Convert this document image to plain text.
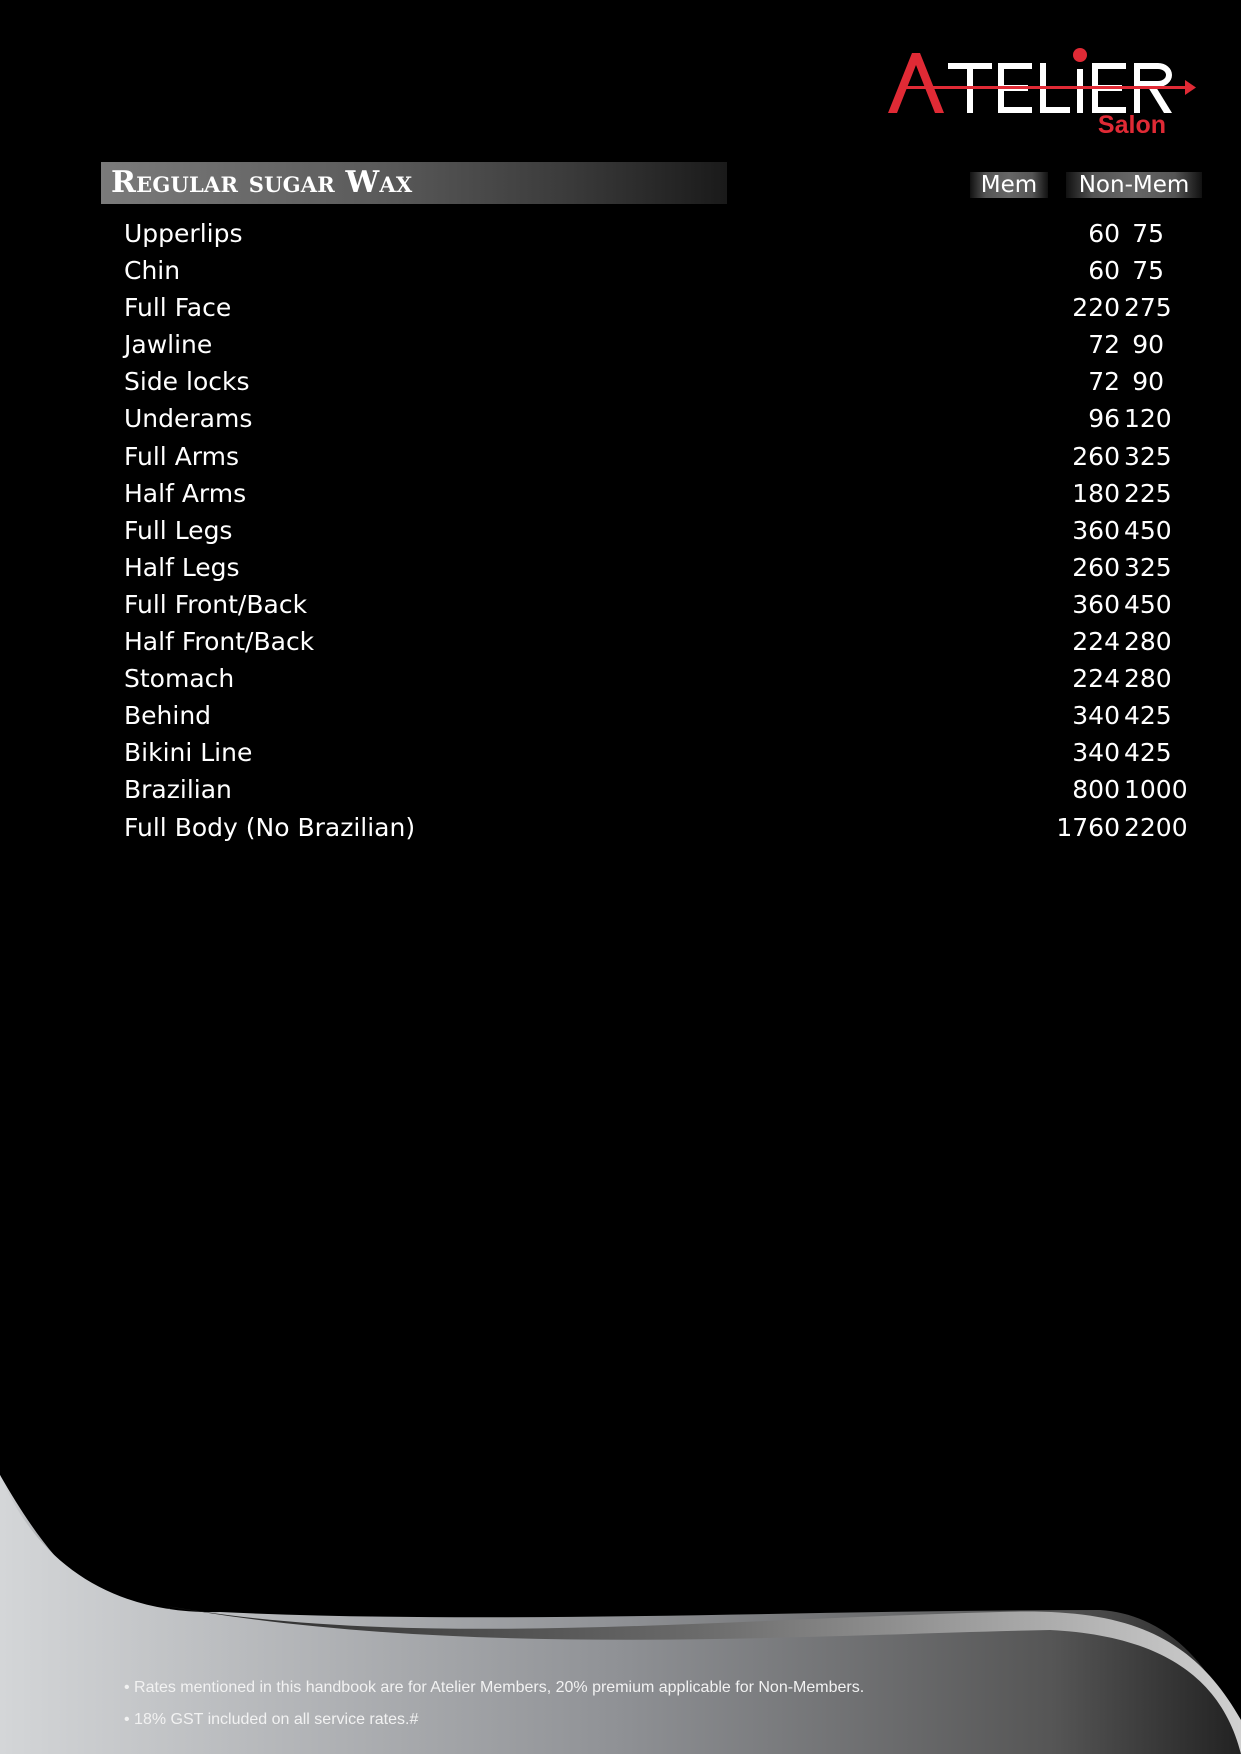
Salon
Regular sugar Wax	Mem	Non-Mem
Upperlips	60 75
Chin	60 75
Full Face	220 275
Jawline	72 90
Side locks	72 90
Underams	96 120
Full Arms	260 325
Half Arms	180 225
Full Legs	360 450
Half Legs	260 325
Full Front/Back	360 450
Half Front/Back	224 280
Stomach	224 280
Behind	340 425
Bikini Line	340 425
Brazilian	800 1000
Full Body (No Brazilian)	1760 2200
• Rates mentioned in this handbook are for Atelier Members, 20% premium applicable for Non-Members.
• 18% GST included on all service rates.#
